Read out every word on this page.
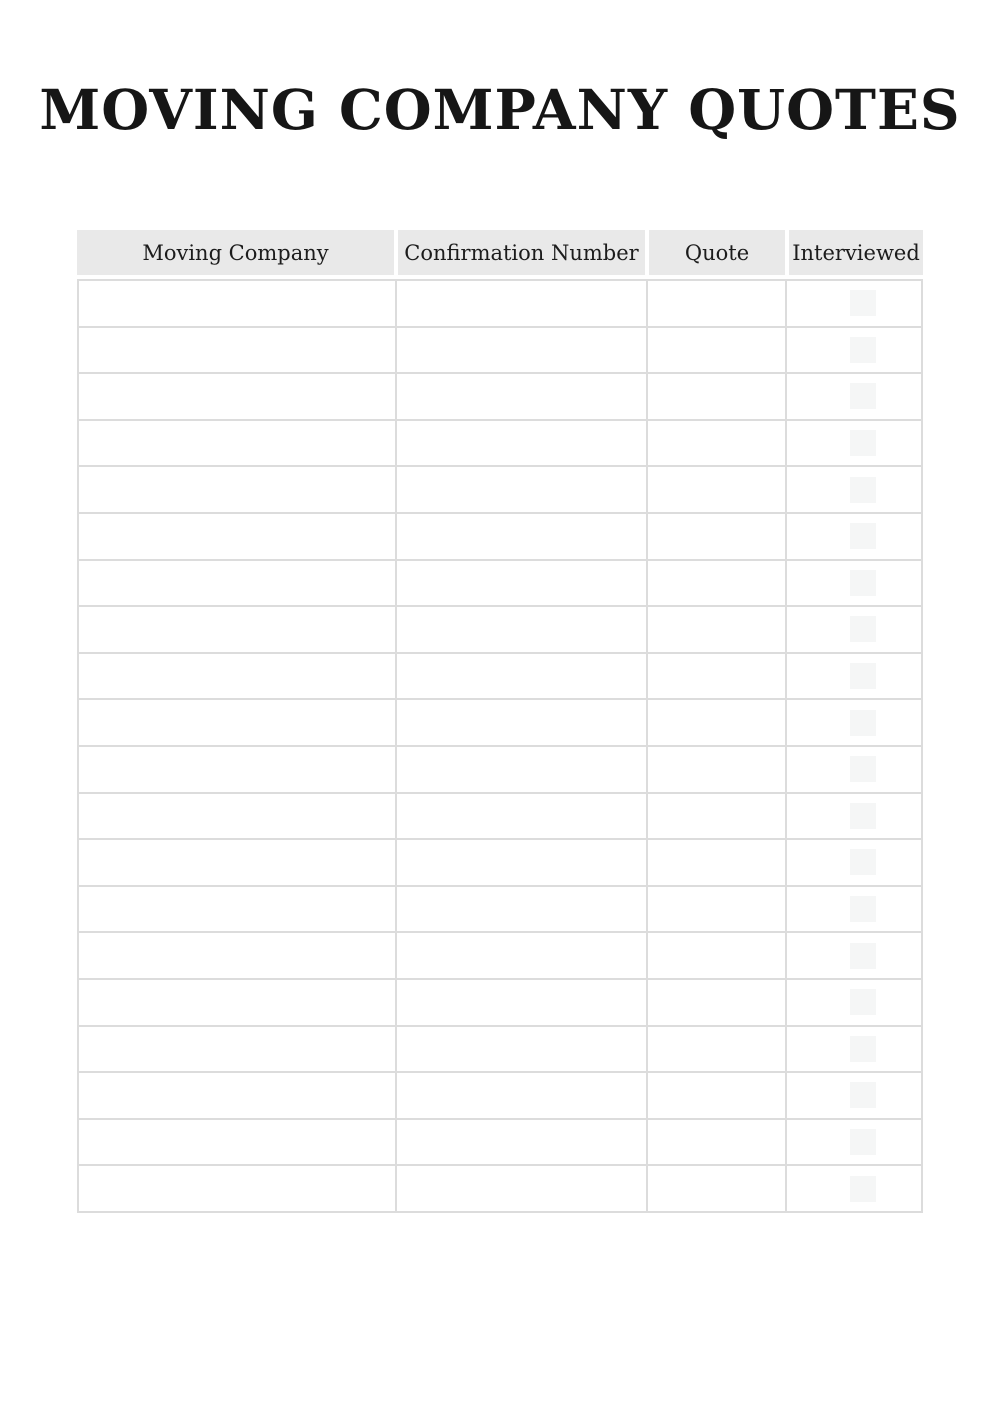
MOVING COMPANY QUOTES
Moving Company	Confirmation Number	Quote	Interviewed
